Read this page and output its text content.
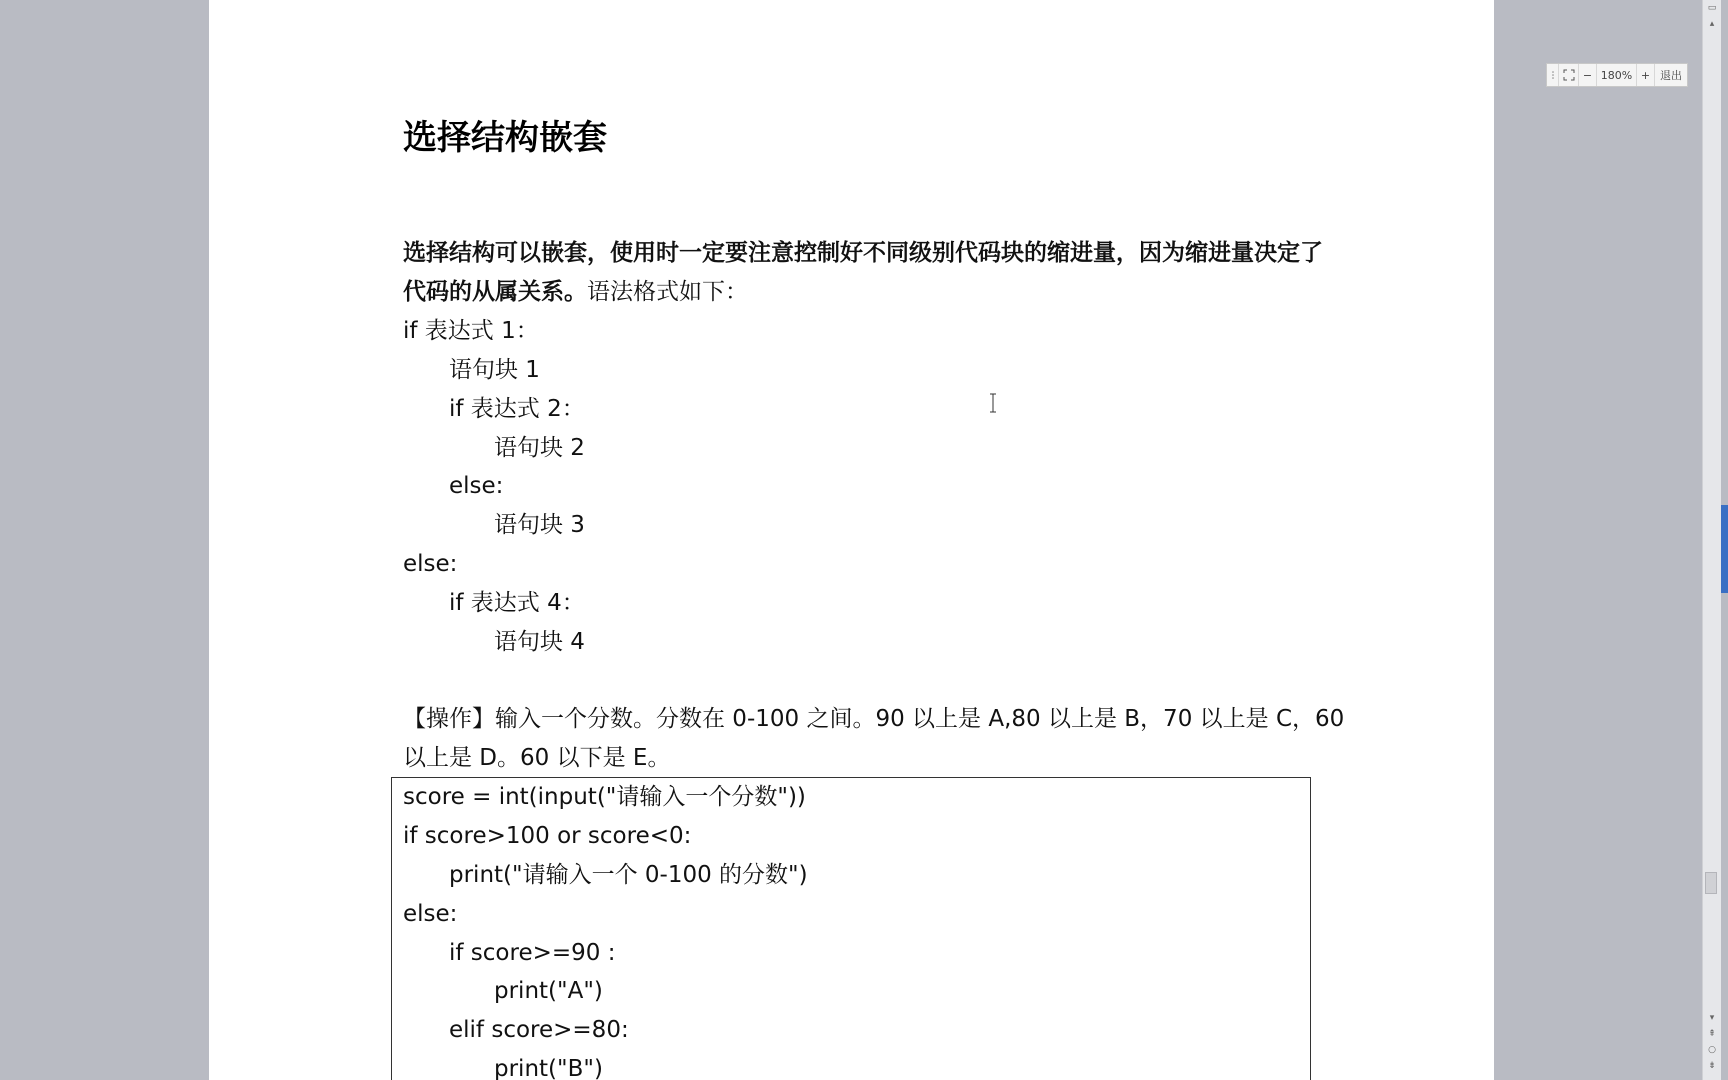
选择结构嵌套
选择结构可以嵌套，使用时一定要注意控制好不同级别代码块的缩进量，因为缩进量决定了
代码的从属关系。语法格式如下：
if 表达式 1：
语句块 1
if 表达式 2：
语句块 2
else:
语句块 3
else:
if 表达式 4：
语句块 4
【操作】输入一个分数。分数在 0-100 之间。90 以上是 A,80 以上是 B，70 以上是 C，60
以上是 D。60 以下是 E。
score = int(input("请输入一个分数"))
if score>100 or score<0:
print("请输入一个 0-100 的分数")
else:
if score>=90 :
print("A")
elif score>=80:
print("B")
− 180% + 退出
▭
▴
▾
⇞
○
⇟
